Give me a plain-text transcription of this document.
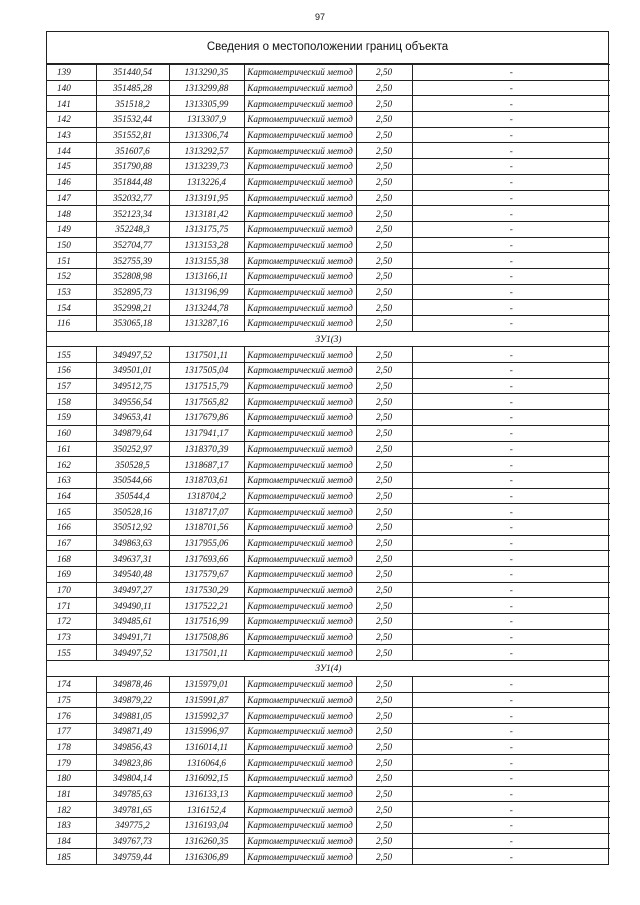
97
Сведения о местоположении границ объекта
139	351440,54	1313290,35	Картометрический метод	2,50	-
140	351485,28	1313299,88	Картометрический метод	2,50	-
141	351518,2	1313305,99	Картометрический метод	2,50	-
142	351532,44	1313307,9	Картометрический метод	2,50	-
143	351552,81	1313306,74	Картометрический метод	2,50	-
144	351607,6	1313292,57	Картометрический метод	2,50	-
145	351790,88	1313239,73	Картометрический метод	2,50	-
146	351844,48	1313226,4	Картометрический метод	2,50	-
147	352032,77	1313191,95	Картометрический метод	2,50	-
148	352123,34	1313181,42	Картометрический метод	2,50	-
149	352248,3	1313175,75	Картометрический метод	2,50	-
150	352704,77	1313153,28	Картометрический метод	2,50	-
151	352755,39	1313155,38	Картометрический метод	2,50	-
152	352808,98	1313166,11	Картометрический метод	2,50	-
153	352895,73	1313196,99	Картометрический метод	2,50	-
154	352998,21	1313244,78	Картометрический метод	2,50	-
116	353065,18	1313287,16	Картометрический метод	2,50	-
ЗУ1(3)					
155	349497,52	1317501,11	Картометрический метод	2,50	-
156	349501,01	1317505,04	Картометрический метод	2,50	-
157	349512,75	1317515,79	Картометрический метод	2,50	-
158	349556,54	1317565,82	Картометрический метод	2,50	-
159	349653,41	1317679,86	Картометрический метод	2,50	-
160	349879,64	1317941,17	Картометрический метод	2,50	-
161	350252,97	1318370,39	Картометрический метод	2,50	-
162	350528,5	1318687,17	Картометрический метод	2,50	-
163	350544,66	1318703,61	Картометрический метод	2,50	-
164	350544,4	1318704,2	Картометрический метод	2,50	-
165	350528,16	1318717,07	Картометрический метод	2,50	-
166	350512,92	1318701,56	Картометрический метод	2,50	-
167	349863,63	1317955,06	Картометрический метод	2,50	-
168	349637,31	1317693,66	Картометрический метод	2,50	-
169	349540,48	1317579,67	Картометрический метод	2,50	-
170	349497,27	1317530,29	Картометрический метод	2,50	-
171	349490,11	1317522,21	Картометрический метод	2,50	-
172	349485,61	1317516,99	Картометрический метод	2,50	-
173	349491,71	1317508,86	Картометрический метод	2,50	-
155	349497,52	1317501,11	Картометрический метод	2,50	-
ЗУ1(4)					
174	349878,46	1315979,01	Картометрический метод	2,50	-
175	349879,22	1315991,87	Картометрический метод	2,50	-
176	349881,05	1315992,37	Картометрический метод	2,50	-
177	349871,49	1315996,97	Картометрический метод	2,50	-
178	349856,43	1316014,11	Картометрический метод	2,50	-
179	349823,86	1316064,6	Картометрический метод	2,50	-
180	349804,14	1316092,15	Картометрический метод	2,50	-
181	349785,63	1316133,13	Картометрический метод	2,50	-
182	349781,65	1316152,4	Картометрический метод	2,50	-
183	349775,2	1316193,04	Картометрический метод	2,50	-
184	349767,73	1316260,35	Картометрический метод	2,50	-
185	349759,44	1316306,89	Картометрический метод	2,50	-
